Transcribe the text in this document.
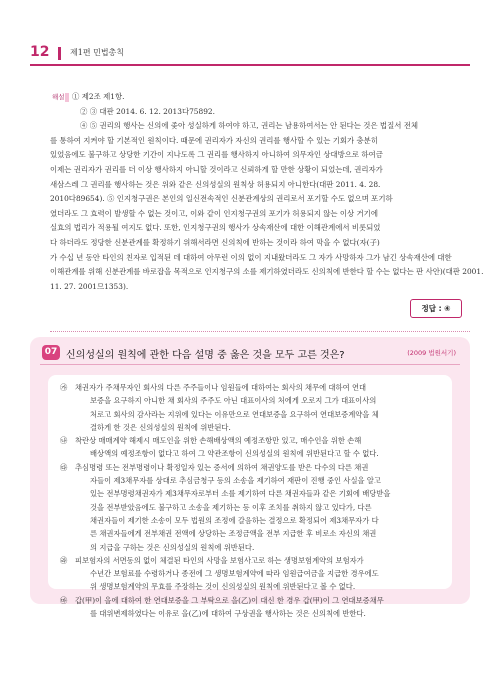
12	제1편 민법총칙
해설 ① 제2조 제1항.
② ③ 대판 2014. 6. 12. 2013다75892.
④ ⑤ 권리의 행사는 신의에 좇아 성실하게 하여야 하고, 권리는 남용하여서는 안 된다는 것은 법질서 전체
를 통하여 지켜야 할 기본적인 원칙이다. 때문에 권리자가 자신의 권리를 행사할 수 있는 기회가 충분히
있었음에도 불구하고 상당한 기간이 지나도록 그 권리를 행사하지 아니하여 의무자인 상대방으로 하여금
이제는 권리자가 권리를 더 이상 행사하지 아니할 것이라고 신뢰하게 할 만한 상황이 되었는데, 권리자가
새삼스레 그 권리를 행사하는 것은 위와 같은 신의성실의 원칙상 허용되지 아니한다(대판 2011. 4. 28.
2010다89654). ⑤ 인지청구권은 본인의 일신전속적인 신분관계상의 권리로서 포기할 수도 없으며 포기하
였더라도 그 효력이 발생할 수 없는 것이고, 이와 같이 인지청구권의 포기가 허용되지 않는 이상 거기에
실효의 법리가 적용될 여지도 없다. 또한, 인지청구권의 행사가 상속재산에 대한 이해관계에서 비롯되었
다 하더라도 정당한 신분관계를 확정하기 위해서라면 신의칙에 반하는 것이라 하여 막을 수 없다(자(子)
가 수십 년 동안 타인의 친자로 입적된 데 대하여 아무런 이의 없이 지내왔더라도 그 자가 사망하자 그가 남긴 상속재산에 대한
이해관계를 위해 신분관계를 바로잡을 목적으로 인지청구의 소를 제기하였더라도 신의칙에 반한다 할 수는 없다는 판 사안)(대판 2001.
11. 27. 2001므1353).
정답 : ④
07 신의성실의 원칙에 관한 다음 설명 중 옳은 것을 모두 고른 것은?	(2009 법원서기)
㉮ 채권자가 주채무자인 회사의 다른 주주들이나 임원들에 대하여는 회사의 채무에 대하여 연대
보증을 요구하지 아니한 채 회사의 주주도 아닌 대표이사의 처에게 오로지 그가 대표이사의
처로고 회사의 감사라는 지위에 있다는 이유만으로 연대보증을 요구하여 연대보증계약을 체
결하게 한 것은 신의성실의 원칙에 위반된다.
㉯ 착란상 매매계약 해제시 매도인을 위한 손해배상액의 예정조항만 있고, 매수인을 위한 손해
배상액의 예정조항이 없다고 하여 그 약관조항이 신의성실의 원칙에 위반된다고 할 수 없다.
㉰ 추심명령 또는 전부명령이나 확정일자 있는 증서에 의하여 채권양도를 받은 다수의 다른 채권
자들이 제3채무자를 상대로 추심금청구 등의 소송을 제기하여 재판이 진행 중인 사실을 알고
있는 전부명령채권자가 제3채무자로부터 소를 제기하여 다른 채권자들과 같은 기회에 배당받을
것을 전부받았음에도 불구하고 소송을 제기하는 등 이후 조치를 취하지 않고 있다가, 다른
채권자들이 제기한 소송이 모두 법원의 조정에 갈음하는 결정으로 확정되어 제3채무자가 다
른 채권자들에게 전부채권 전액에 상당하는 조정금액을 전부 지급한 후 비로소 자신의 채권
의 지급을 구하는 것은 신의성실의 원칙에 위반된다.
㉱ 피보험자의 서면동의 없이 체결된 타인의 사망을 보험사고로 하는 생명보험계약의 보험자가
수년간 보험료를 수령하거나 종전에 그 생명보험계약에 따라 임원급여금을 지급한 경우에도
위 생명보험계약의 무효를 주장하는 것이 신의성실의 원칙에 위반된다고 볼 수 없다.
㉲ 갑(甲)이 을에 대하여 한 연대보증을 그 부탁으로 을(乙)이 대신 한 경우 갑(甲)이 그 연대보증채무
를 대위변제하였다는 이유로 을(乙)에 대하여 구상권을 행사하는 것은 신의칙에 반한다.
